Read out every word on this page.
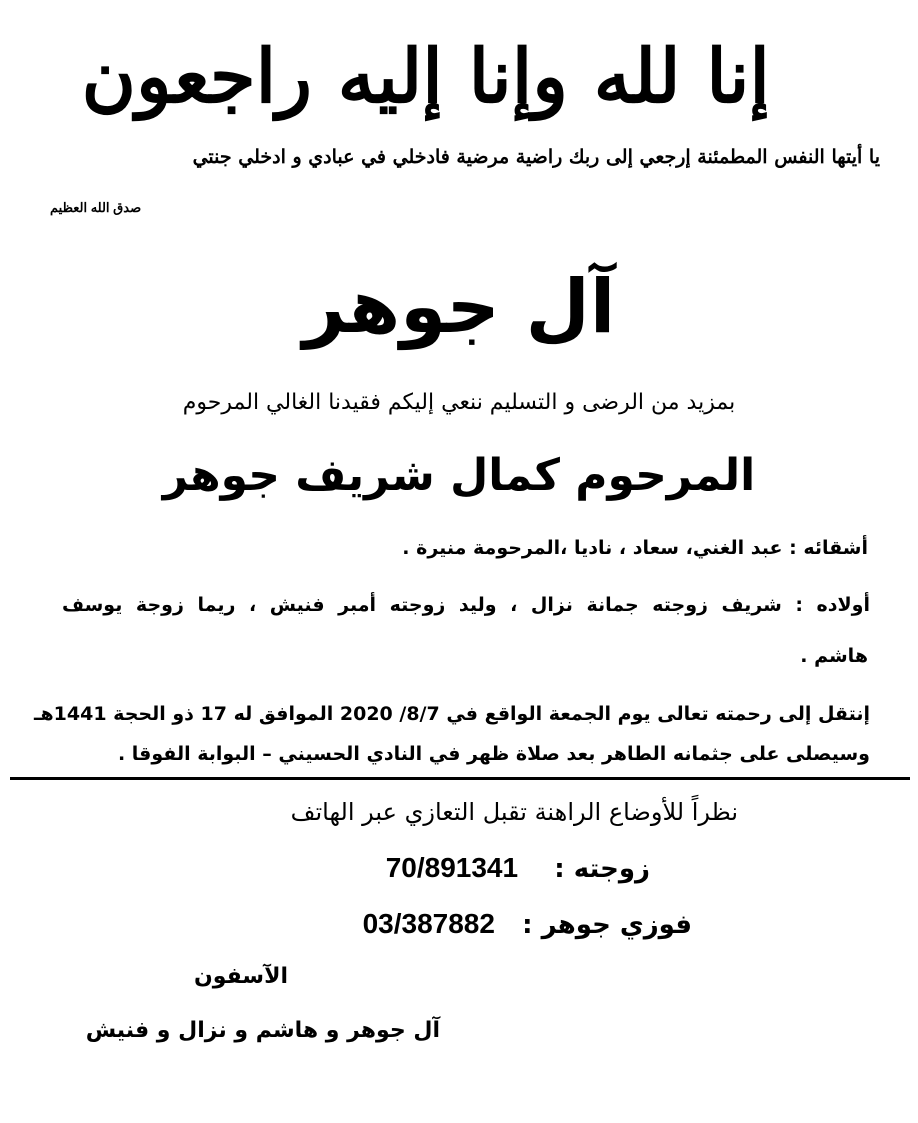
إنا لله وإنا إليه راجعون
يا أيتها النفس المطمئنة إرجعي إلى ربك راضية مرضية فادخلي في عبادي و ادخلي جنتي
صدق الله العظيم
آل جوهر
بمزيد من الرضى و التسليم ننعي إليكم فقيدنا الغالي المرحوم
المرحوم كمال شريف جوهر
أشقائه : عبد الغني، سعاد ، ناديا ،المرحومة منيرة .
أولاده : شريف زوجته جمانة نزال ، وليد زوجته أمبر فنيش ، ريما زوجة يوسف
هاشم .
إنتقل إلى رحمته تعالى يوم الجمعة الواقع في 8/7/ 2020 الموافق له 17 ذو الحجة 1441هـ
وسيصلى على جثمانه الطاهر بعد صلاة ظهر في النادي الحسيني – البوابة الفوقا .
نظراً للأوضاع الراهنة تقبل التعازي عبر الهاتف
زوجته :    70/891341
فوزي جوهر :   03/387882
الآسفون
آل جوهر و هاشم و نزال و فنيش
